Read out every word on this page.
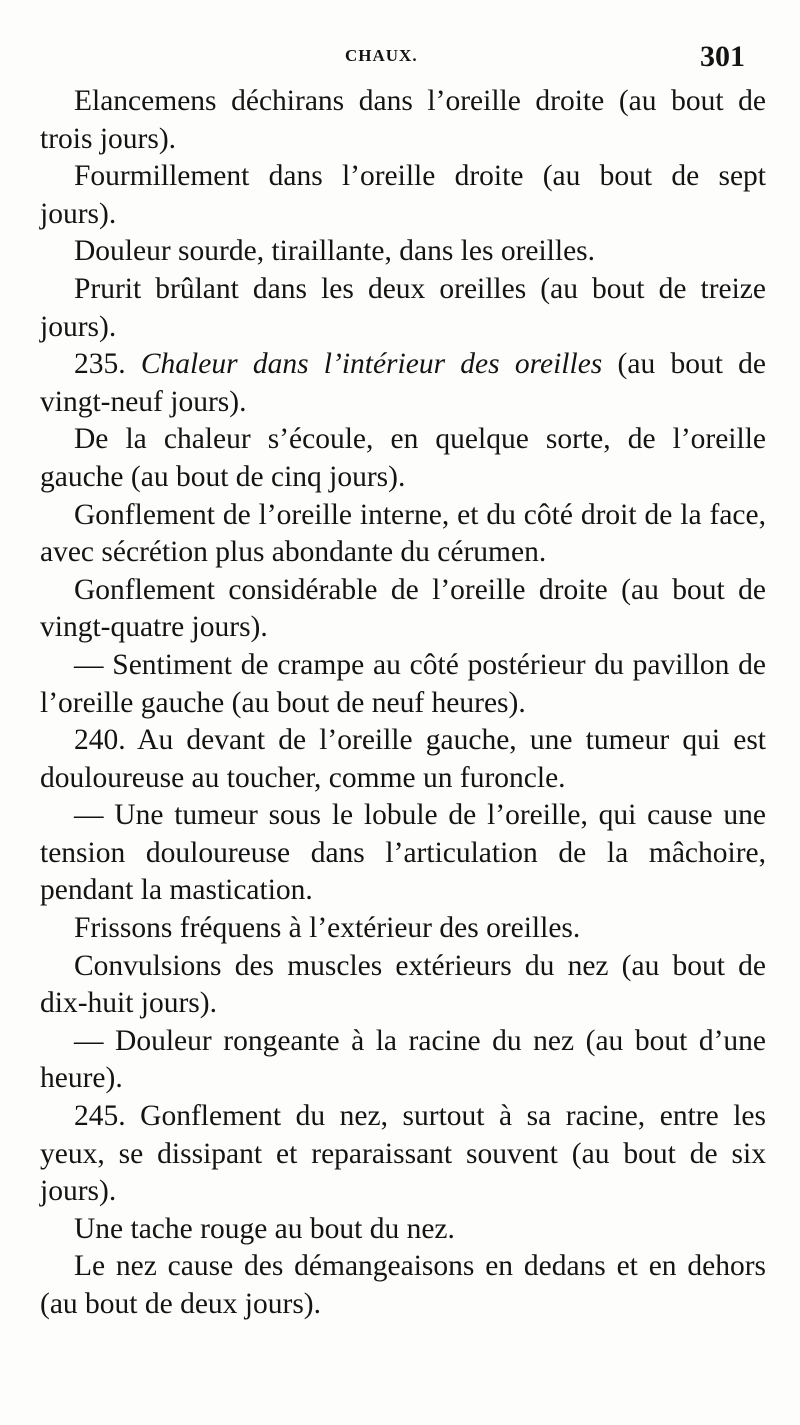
CHAUX.	301

Elancemens déchirans dans l’oreille droite (au bout de trois jours).

Fourmillement dans l’oreille droite (au bout de sept jours).

Douleur sourde, tiraillante, dans les oreilles.

Prurit brûlant dans les deux oreilles (au bout de treize jours).

235. Chaleur dans l’intérieur des oreilles (au bout de vingt-neuf jours).

De la chaleur s’écoule, en quelque sorte, de l’oreille gauche (au bout de cinq jours).

Gonflement de l’oreille interne, et du côté droit de la face, avec sécrétion plus abondante du cérumen.

Gonflement considérable de l’oreille droite (au bout de vingt-quatre jours).

— Sentiment de crampe au côté postérieur du pavillon de l’oreille gauche (au bout de neuf heures).

240. Au devant de l’oreille gauche, une tumeur qui est douloureuse au toucher, comme un furoncle.

— Une tumeur sous le lobule de l’oreille, qui cause une tension douloureuse dans l’articulation de la mâchoire, pendant la mastication.

Frissons fréquens à l’extérieur des oreilles.

Convulsions des muscles extérieurs du nez (au bout de dix-huit jours).

— Douleur rongeante à la racine du nez (au bout d’une heure).

245. Gonflement du nez, surtout à sa racine, entre les yeux, se dissipant et reparaissant souvent (au bout de six jours).

Une tache rouge au bout du nez.

Le nez cause des démangeaisons en dedans et en dehors (au bout de deux jours).
